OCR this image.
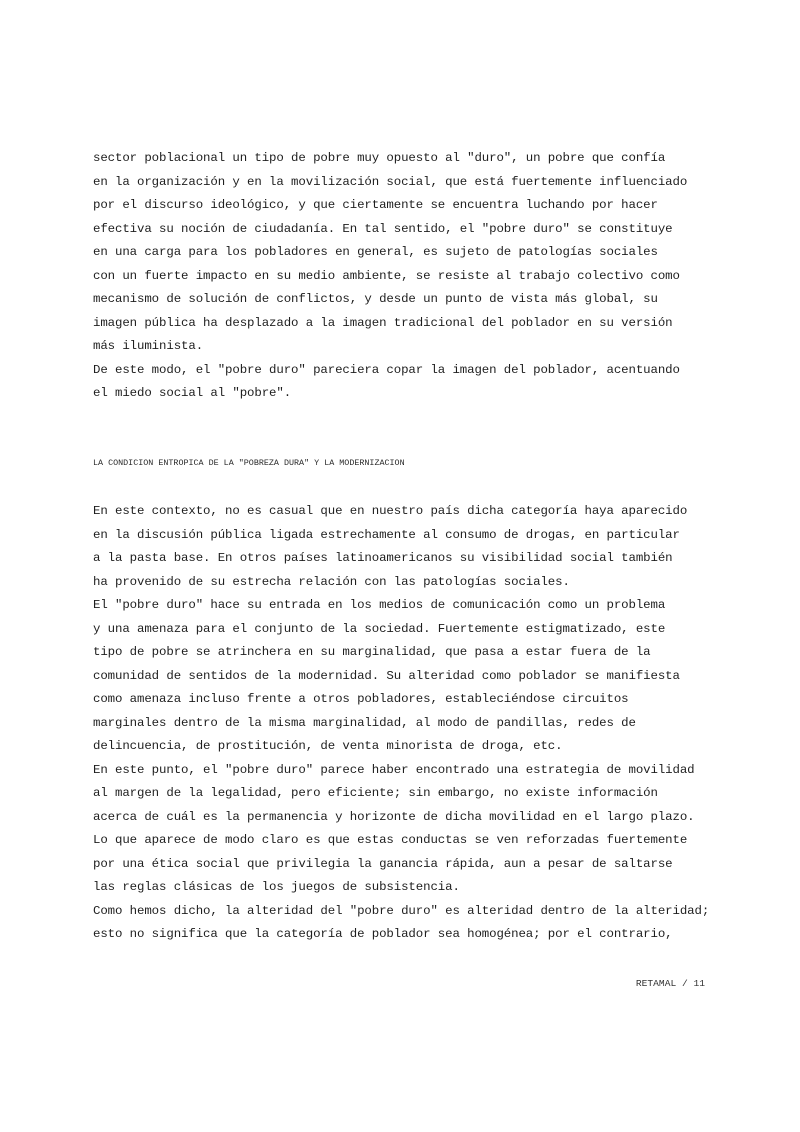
sector poblacional un tipo de pobre muy opuesto al "duro", un pobre que confía
en la organización y en la movilización social, que está fuertemente influenciado
por el discurso ideológico, y que ciertamente se encuentra luchando por hacer
efectiva su noción de ciudadanía. En tal sentido, el "pobre duro" se constituye
en una carga para los pobladores en general, es sujeto de patologías sociales
con un fuerte impacto en su medio ambiente, se resiste al trabajo colectivo como
mecanismo de solución de conflictos, y desde un punto de vista más global, su
imagen pública ha desplazado a la imagen tradicional del poblador en su versión
más iluminista.
De este modo, el "pobre duro" pareciera copar la imagen del poblador, acentuando
el miedo social al "pobre".
LA CONDICION ENTROPICA DE LA "POBREZA DURA" Y LA MODERNIZACION
En este contexto, no es casual que en nuestro país dicha categoría haya aparecido
en la discusión pública ligada estrechamente al consumo de drogas, en particular
a la pasta base. En otros países latinoamericanos su visibilidad social también
ha provenido de su estrecha relación con las patologías sociales.
El "pobre duro" hace su entrada en los medios de comunicación como un problema
y una amenaza para el conjunto de la sociedad. Fuertemente estigmatizado, este
tipo de pobre se atrinchera en su marginalidad, que pasa a estar fuera de la
comunidad de sentidos de la modernidad. Su alteridad como poblador se manifiesta
como amenaza incluso frente a otros pobladores, estableciéndose circuitos
marginales dentro de la misma marginalidad, al modo de pandillas, redes de
delincuencia, de prostitución, de venta minorista de droga, etc.
En este punto, el "pobre duro" parece haber encontrado una estrategia de movilidad
al margen de la legalidad, pero eficiente; sin embargo, no existe información
acerca de cuál es la permanencia y horizonte de dicha movilidad en el largo plazo.
Lo que aparece de modo claro es que estas conductas se ven reforzadas fuertemente
por una ética social que privilegia la ganancia rápida, aun a pesar de saltarse
las reglas clásicas de los juegos de subsistencia.
Como hemos dicho, la alteridad del "pobre duro" es alteridad dentro de la alteridad;
esto no significa que la categoría de poblador sea homogénea; por el contrario,
RETAMAL / 11
